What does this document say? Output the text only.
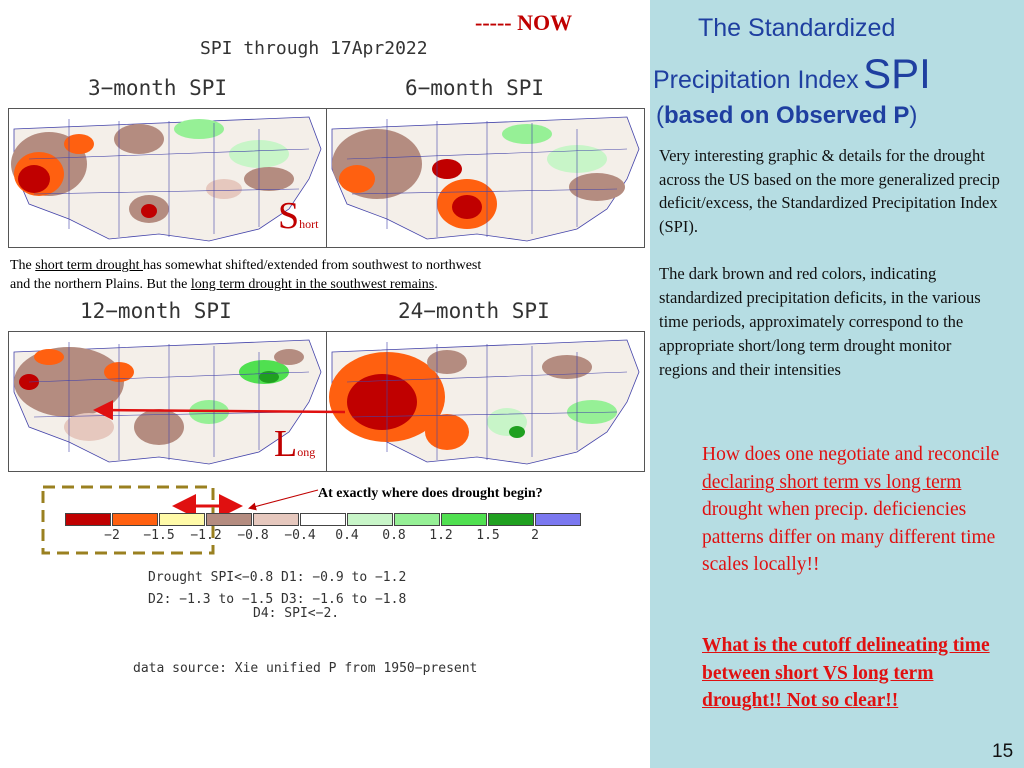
----- NOW
SPI through 17Apr2022
3−month SPI	6−month SPI
12−month SPI	24−month SPI
Short
The short term drought has somewhat shifted/extended from southwest to northwest
and the northern Plains. But the long term drought in the southwest remains.
Long
At exactly where does drought begin?
−2	−1.5	−1.2	−0.8	−0.4	0.4	0.8	1.2	1.5	2
Drought SPI<−0.8 D1: −0.9 to −1.2
D2: −1.3 to −1.5 D3: −1.6 to −1.8
D4: SPI<−2.
data source: Xie unified P from 1950−present
The Standardized
Precipitation Index SPI
(based on Observed P)
Very interesting graphic & details for the drought across the US based on the more generalized precip deficit/excess, the Standardized Precipitation Index (SPI).
The dark brown and red colors, indicating standardized precipitation deficits, in the various time periods, approximately correspond to the appropriate short/long term drought monitor regions and their intensities
How does one negotiate and reconcile declaring short term vs long term drought when precip. deficiencies patterns differ on many different time scales locally!!
What is the cutoff delineating time between short VS long term drought!! Not so clear!!
15
